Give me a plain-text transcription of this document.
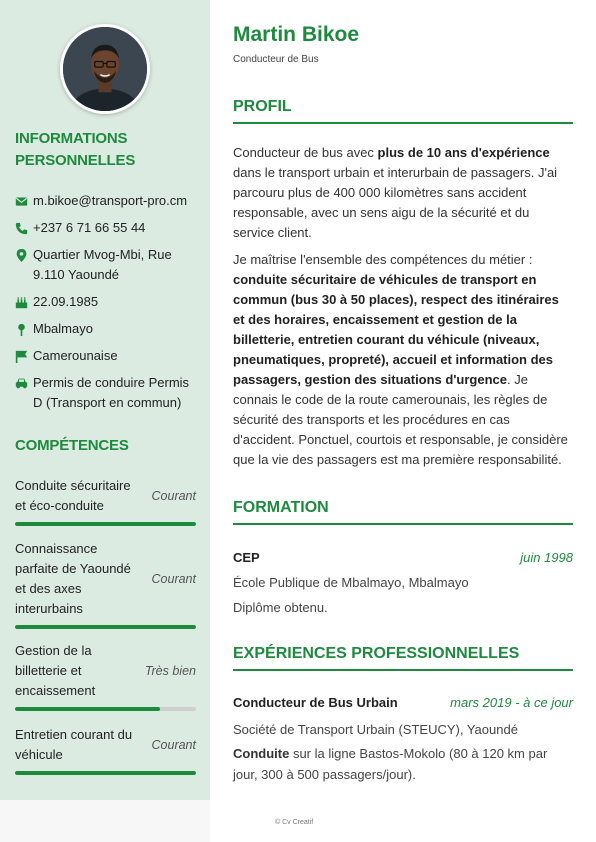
INFORMATIONS
PERSONNELLES
m.bikoe@transport-pro.cm
+237 6 71 66 55 44
Quartier Mvog-Mbi, Rue 9.110 Yaoundé
22.09.1985
Mbalmayo
Camerounaise
Permis de conduire Permis D (Transport en commun)
COMPÉTENCES
Conduite sécuritaire et éco-conduite
Courant
Connaissance parfaite de Yaoundé et des axes interurbains
Courant
Gestion de la billetterie et encaissement
Très bien
Entretien courant du véhicule
Courant
Martin Bikoe
Conducteur de Bus
PROFIL
Conducteur de bus avec plus de 10 ans d'expérience dans le transport urbain et interurbain de passagers. J'ai parcouru plus de 400 000 kilomètres sans accident responsable, avec un sens aigu de la sécurité et du service client.
Je maîtrise l'ensemble des compétences du métier : conduite sécuritaire de véhicules de transport en commun (bus 30 à 50 places), respect des itinéraires et des horaires, encaissement et gestion de la billetterie, entretien courant du véhicule (niveaux, pneumatiques, propreté), accueil et information des passagers, gestion des situations d'urgence. Je connais le code de la route camerounais, les règles de sécurité des transports et les procédures en cas d'accident. Ponctuel, courtois et responsable, je considère que la vie des passagers est ma première responsabilité.
FORMATION
CEP	juin 1998
École Publique de Mbalmayo, Mbalmayo
Diplôme obtenu.
EXPÉRIENCES PROFESSIONNELLES
Conducteur de Bus Urbain	mars 2019 - à ce jour
Société de Transport Urbain (STEUCY), Yaoundé
Conduite sur la ligne Bastos-Mokolo (80 à 120 km par jour, 300 à 500 passagers/jour).
© Cv Creatif
